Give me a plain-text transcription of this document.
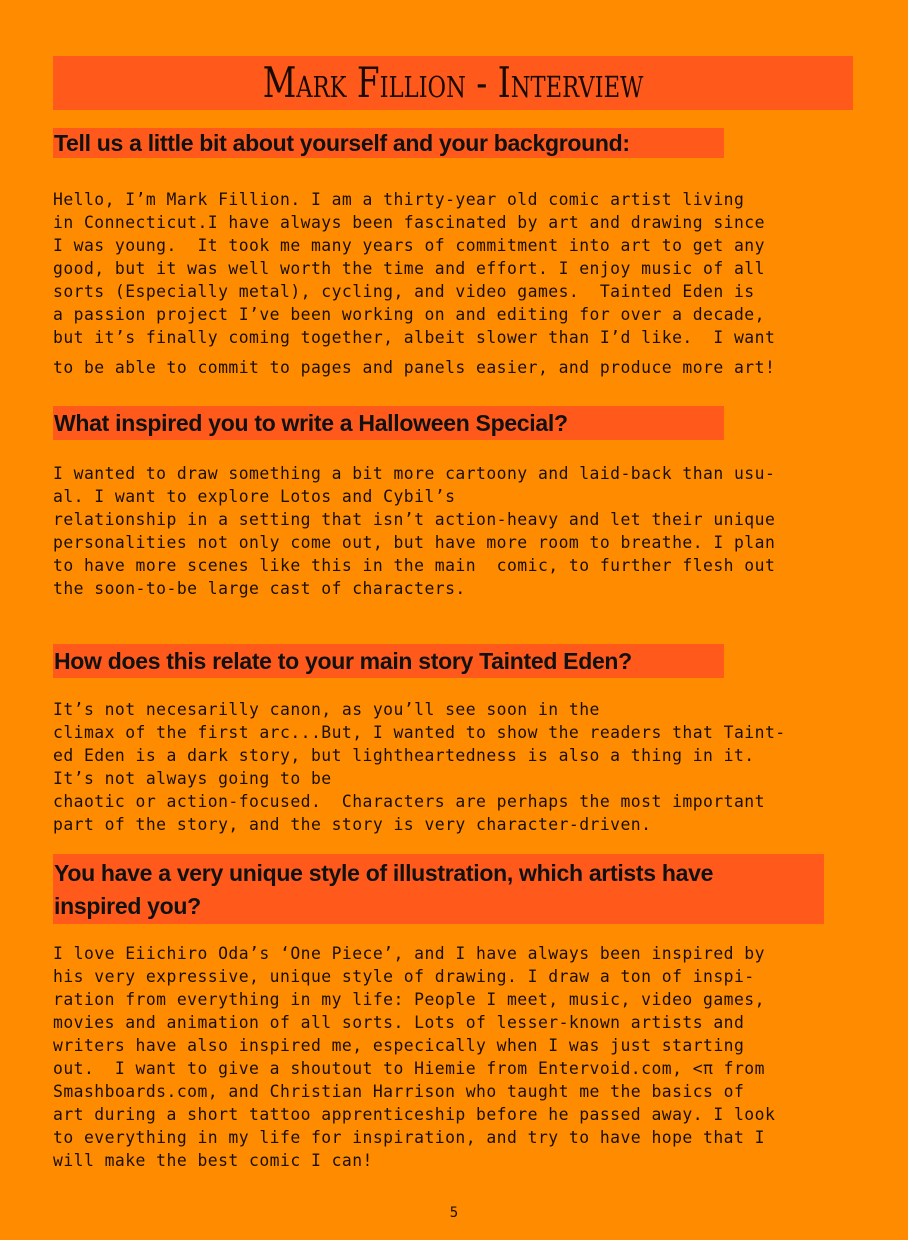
Mark Fillion - Interview
Tell us a little bit about yourself and your background:
Hello, I’m Mark Fillion. I am a thirty-year old comic artist living
in Connecticut.I have always been fascinated by art and drawing since
I was young.  It took me many years of commitment into art to get any
good, but it was well worth the time and effort. I enjoy music of all
sorts (Especially metal), cycling, and video games.  Tainted Eden is
a passion project I’ve been working on and editing for over a decade,
but it’s finally coming together, albeit slower than I’d like.  I want
to be able to commit to pages and panels easier, and produce more art!
What inspired you to write a Halloween Special?
I wanted to draw something a bit more cartoony and laid-back than usu-
al. I want to explore Lotos and Cybil’s
relationship in a setting that isn’t action-heavy and let their unique
personalities not only come out, but have more room to breathe. I plan
to have more scenes like this in the main  comic, to further flesh out
the soon-to-be large cast of characters.
How does this relate to your main story Tainted Eden?
It’s not necesarilly canon, as you’ll see soon in the
climax of the first arc...But, I wanted to show the readers that Taint-
ed Eden is a dark story, but lightheartedness is also a thing in it.
It’s not always going to be
chaotic or action-focused.  Characters are perhaps the most important
part of the story, and the story is very character-driven.
You have a very unique style of illustration, which artists have
inspired you?
I love Eiichiro Oda’s ‘One Piece’, and I have always been inspired by
his very expressive, unique style of drawing. I draw a ton of inspi-
ration from everything in my life: People I meet, music, video games,
movies and animation of all sorts. Lots of lesser-known artists and
writers have also inspired me, especically when I was just starting
out.  I want to give a shoutout to Hiemie from Entervoid.com, <π from
Smashboards.com, and Christian Harrison who taught me the basics of
art during a short tattoo apprenticeship before he passed away. I look
to everything in my life for inspiration, and try to have hope that I
will make the best comic I can!
5
